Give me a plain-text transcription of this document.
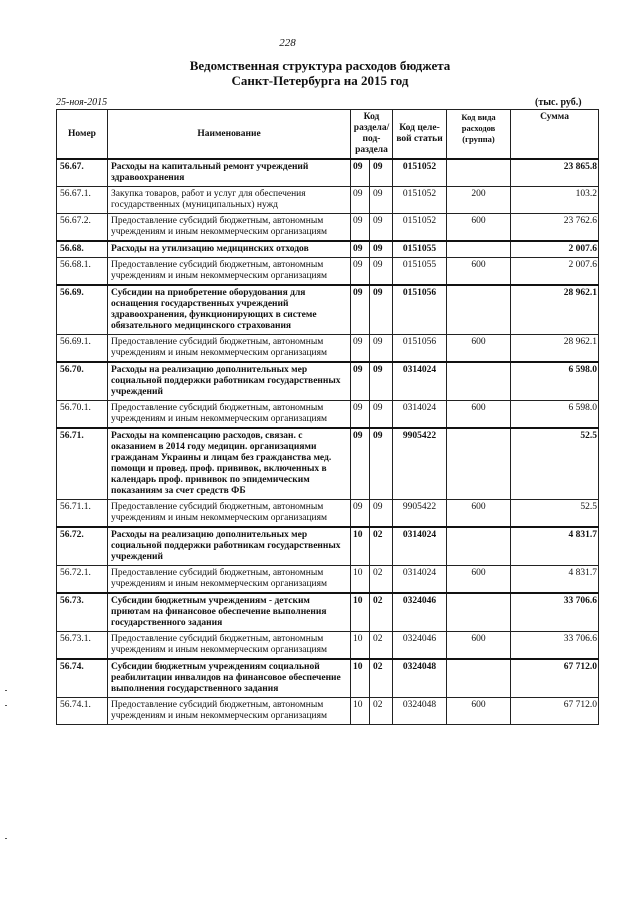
228
Ведомственная структура расходов бюджета
Санкт-Петербурга на 2015 год
25-ноя-2015	(тыс. руб.)
Номер	Наименование	Код раздела/ под-раздела		Код целе-вой статьи	Код вида расходов (группа)	Сумма
56.67.	Расходы на капитальный ремонт учреждений здравоохранения	09	09	0151052		23 865.8
56.67.1.	Закупка товаров, работ и услуг для обеспечения государственных (муниципальных) нужд	09	09	0151052	200	103.2
56.67.2.	Предоставление субсидий бюджетным, автономным учреждениям и иным некоммерческим организациям	09	09	0151052	600	23 762.6
56.68.	Расходы на утилизацию медицинских отходов	09	09	0151055		2 007.6
56.68.1.	Предоставление субсидий бюджетным, автономным учреждениям и иным некоммерческим организациям	09	09	0151055	600	2 007.6
56.69.	Субсидии на приобретение оборудования для оснащения государственных учреждений здравоохранения, функционирующих в системе обязательного медицинского страхования	09	09	0151056		28 962.1
56.69.1.	Предоставление субсидий бюджетным, автономным учреждениям и иным некоммерческим организациям	09	09	0151056	600	28 962.1
56.70.	Расходы на реализацию дополнительных мер социальной поддержки работникам государственных учреждений	09	09	0314024		6 598.0
56.70.1.	Предоставление субсидий бюджетным, автономным учреждениям и иным некоммерческим организациям	09	09	0314024	600	6 598.0
56.71.	Расходы на компенсацию расходов, связан. с оказанием в 2014 году медицин. организациями гражданам Украины и лицам без гражданства мед. помощи и провед. проф. прививок, включенных в календарь проф. прививок по эпидемическим показаниям за счет средств ФБ	09	09	9905422		52.5
56.71.1.	Предоставление субсидий бюджетным, автономным учреждениям и иным некоммерческим организациям	09	09	9905422	600	52.5
56.72.	Расходы на реализацию дополнительных мер социальной поддержки работникам государственных учреждений	10	02	0314024		4 831.7
56.72.1.	Предоставление субсидий бюджетным, автономным учреждениям и иным некоммерческим организациям	10	02	0314024	600	4 831.7
56.73.	Субсидии бюджетным учреждениям - детским приютам на финансовое обеспечение выполнения государственного задания	10	02	0324046		33 706.6
56.73.1.	Предоставление субсидий бюджетным, автономным учреждениям и иным некоммерческим организациям	10	02	0324046	600	33 706.6
56.74.	Субсидии бюджетным учреждениям социальной реабилитации инвалидов на финансовое обеспечение выполнения государственного задания	10	02	0324048		67 712.0
56.74.1.	Предоставление субсидий бюджетным, автономным учреждениям и иным некоммерческим организациям	10	02	0324048	600	67 712.0
